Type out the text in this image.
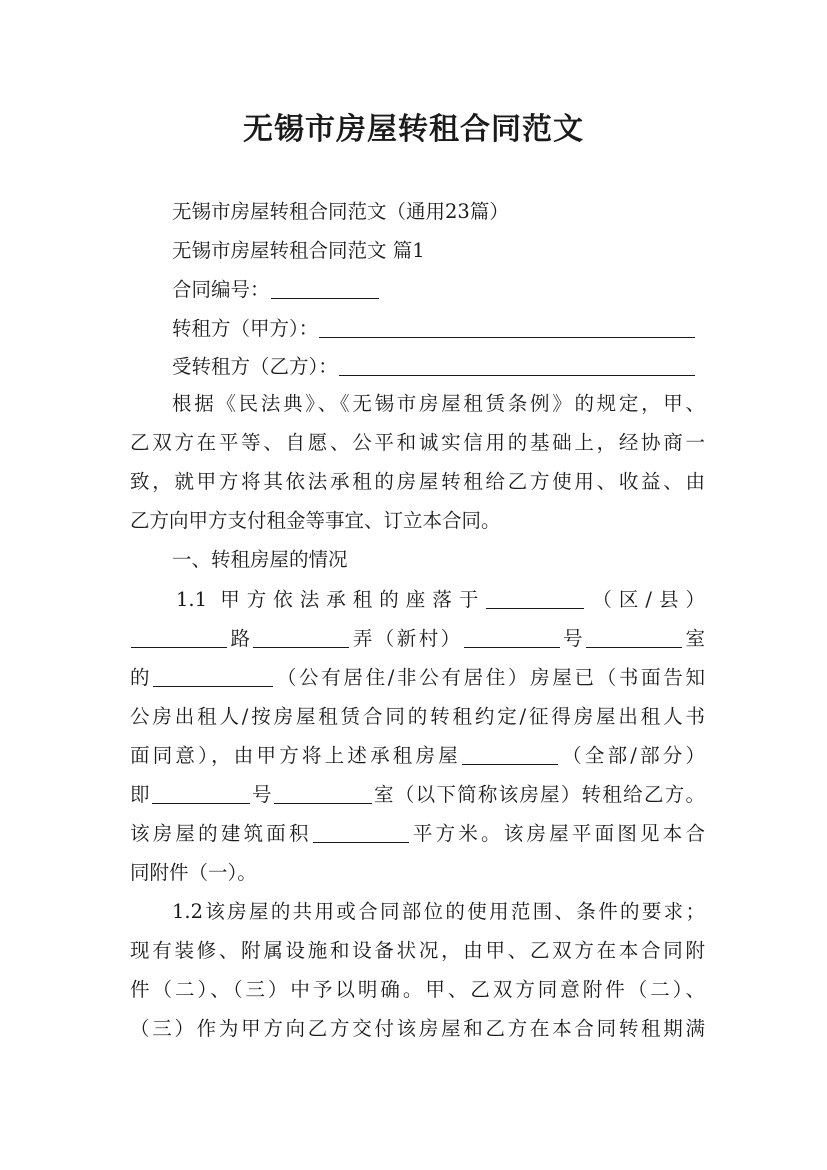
无锡市房屋转租合同范文

无锡市房屋转租合同范文（通用23篇）

无锡市房屋转租合同范文 篇1

合同编号：

转租方（甲方）：

受转租方（乙方）：

根据《民法典》、《无锡市房屋租赁条例》的规定，甲、

乙双方在平等、自愿、公平和诚实信用的基础上，经协商一

致，就甲方将其依法承租的房屋转租给乙方使用、收益、由

乙方向甲方支付租金等事宜、订立本合同。

一、转租房屋的情况

1.1 甲方依法承租的座落于	（区/县）

路	弄（新村）	号	室

的	（公有居住/非公有居住）房屋已（书面告知

公房出租人/按房屋租赁合同的转租约定/征得房屋出租人书

面同意），由甲方将上述承租房屋	（全部/部分）

即	号	室（以下简称该房屋）转租给乙方。

该房屋的建筑面积	平方米。该房屋平面图见本合

同附件（一）。

1.2该房屋的共用或合同部位的使用范围、条件的要求；

现有装修、附属设施和设备状况，由甲、乙双方在本合同附

件（二）、（三）中予以明确。甲、乙双方同意附件（二）、

（三）作为甲方向乙方交付该房屋和乙方在本合同转租期满
